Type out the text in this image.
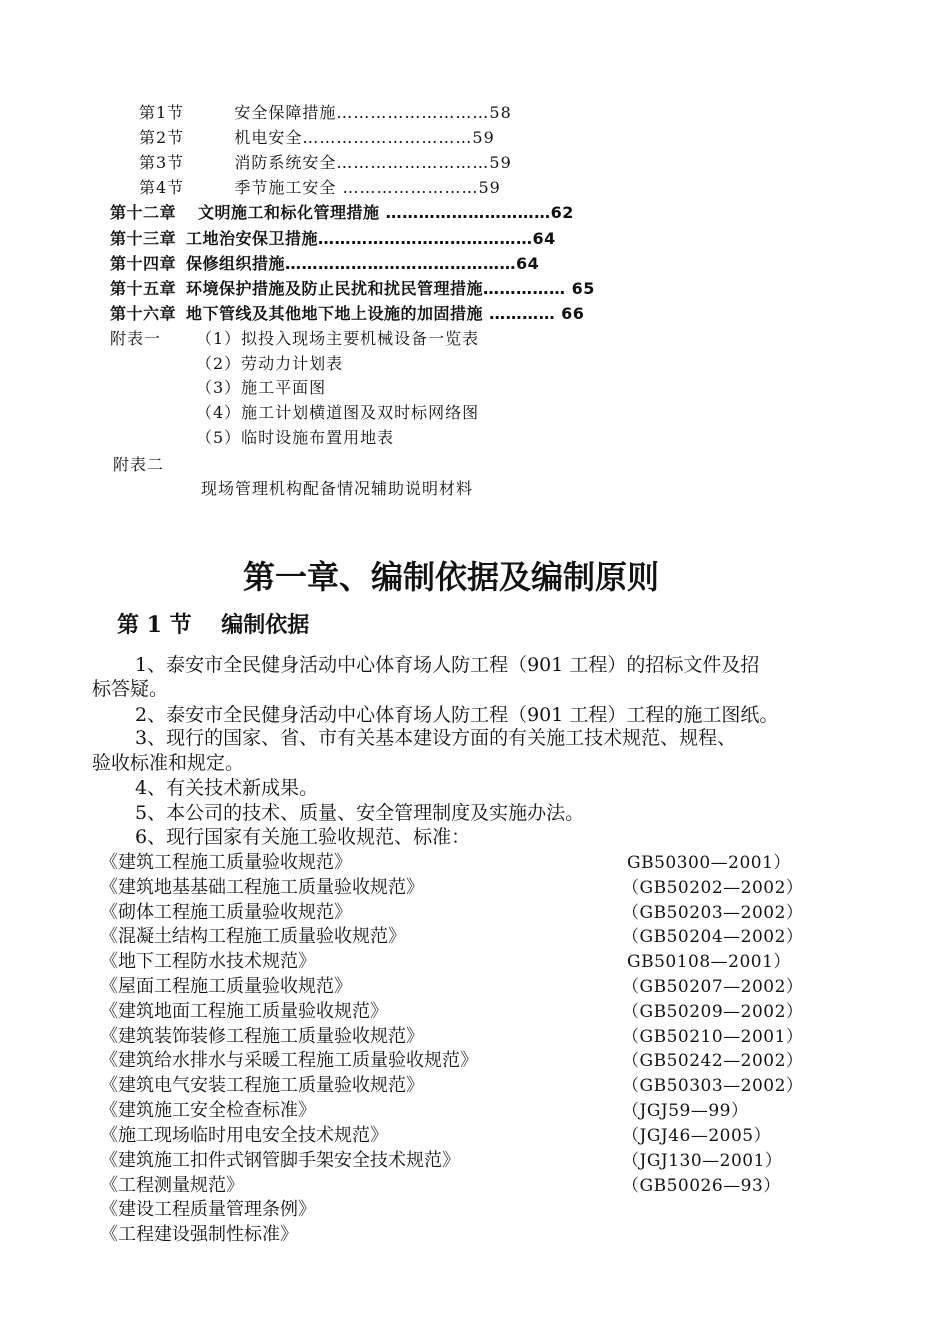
第1节	安全保障措施………………………58
第2节	机电安全…………………………59
第3节	消防系统安全………………………59
第4节	季节施工安全 ……………………59
第十二章 文明施工和标化管理措施 …………………………62
第十三章 工地治安保卫措施…………………………………64
第十四章 保修组织措施……………………………………64
第十五章 环境保护措施及防止民扰和扰民管理措施…………… 65
第十六章 地下管线及其他地下地上设施的加固措施 ………… 66
附表一 （1）拟投入现场主要机械设备一览表
（2）劳动力计划表
（3）施工平面图
（4）施工计划横道图及双时标网络图
（5）临时设施布置用地表
附表二
现场管理机构配备情况辅助说明材料
第一章、编制依据及编制原则
第 1 节　 编制依据
1、泰安市全民健身活动中心体育场人防工程（901 工程）的招标文件及招
标答疑。
2、泰安市全民健身活动中心体育场人防工程（901 工程）工程的施工图纸。
3、现行的国家、省、市有关基本建设方面的有关施工技术规范、规程、
验收标准和规定。
4、有关技术新成果。
5、本公司的技术、质量、安全管理制度及实施办法。
6、现行国家有关施工验收规范、标准：
《建筑工程施工质量验收规范》	GB50300—2001）
《建筑地基基础工程施工质量验收规范》	（GB50202—2002）
《砌体工程施工质量验收规范》	（GB50203—2002）
《混凝土结构工程施工质量验收规范》	（GB50204—2002）
《地下工程防水技术规范》	GB50108—2001）
《屋面工程施工质量验收规范》	（GB50207—2002）
《建筑地面工程施工质量验收规范》	（GB50209—2002）
《建筑装饰装修工程施工质量验收规范》	（GB50210—2001）
《建筑给水排水与采暖工程施工质量验收规范》	（GB50242—2002）
《建筑电气安装工程施工质量验收规范》	（GB50303—2002）
《建筑施工安全检查标准》	（JGJ59—99）
《施工现场临时用电安全技术规范》	（JGJ46—2005）
《建筑施工扣件式钢管脚手架安全技术规范》	（JGJ130—2001）
《工程测量规范》	（GB50026—93）
《建设工程质量管理条例》
《工程建设强制性标准》
